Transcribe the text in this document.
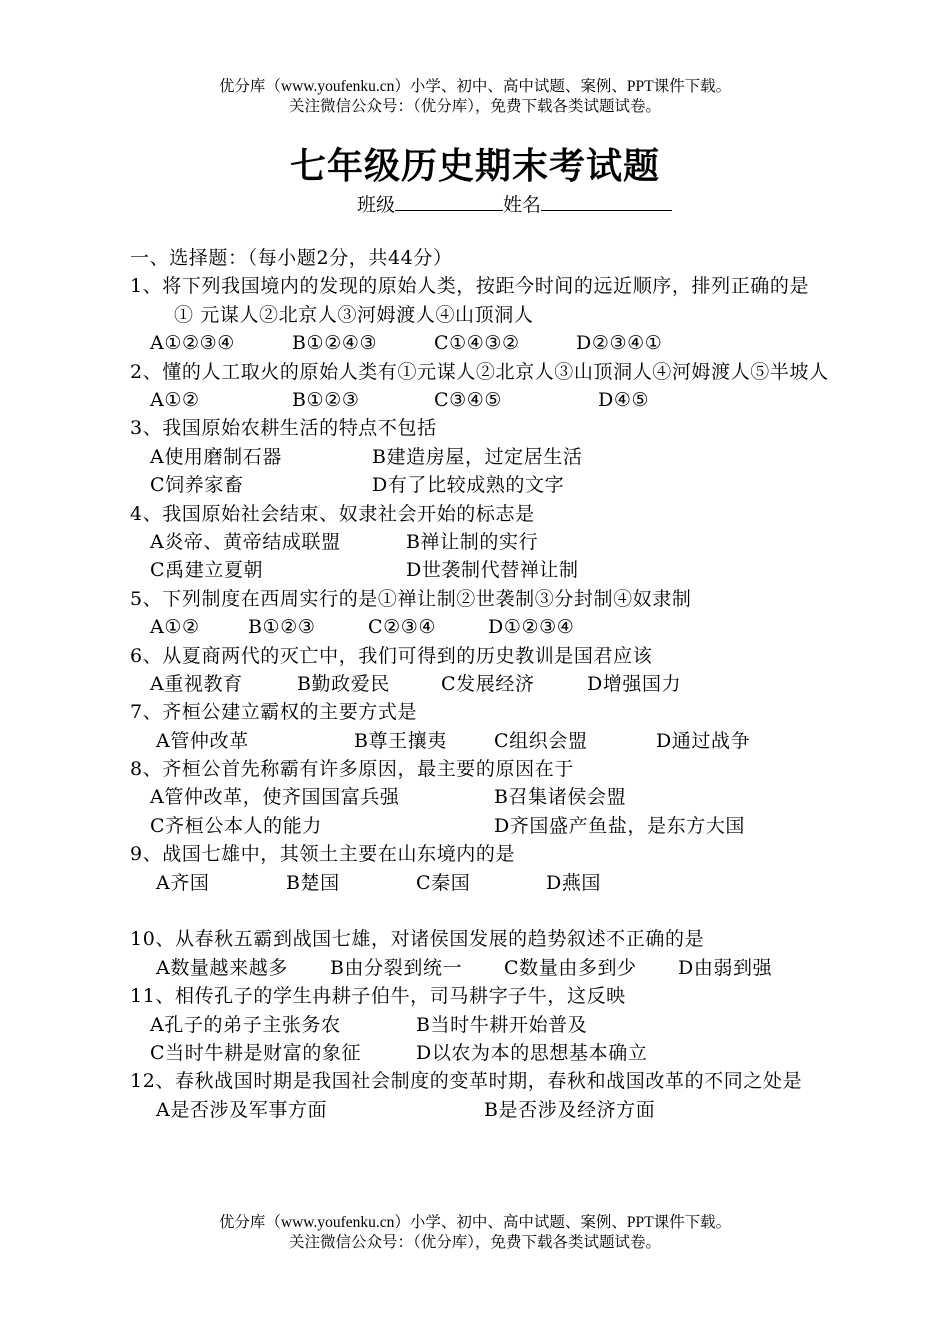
优分库（www.youfenku.cn）小学、初中、高中试题、案例、PPT课件下载。
关注微信公众号：（优分库），免费下载各类试题试卷。
七年级历史期末考试题
班级	姓名
一、选择题：（每小题2分，共44分）
1、将下列我国境内的发现的原始人类，按距今时间的远近顺序，排列正确的是
① 元谋人②北京人③河姆渡人④山顶洞人
A①②③④	B①②④③	C①④③②	D②③④①
2、懂的人工取火的原始人类有①元谋人②北京人③山顶洞人④河姆渡人⑤半坡人
A①②	B①②③	C③④⑤	D④⑤
3、我国原始农耕生活的特点不包括
A使用磨制石器	B建造房屋，过定居生活
C饲养家畜	D有了比较成熟的文字
4、我国原始社会结束、奴隶社会开始的标志是
A炎帝、黄帝结成联盟	B禅让制的实行
C禹建立夏朝	D世袭制代替禅让制
5、下列制度在西周实行的是①禅让制②世袭制③分封制④奴隶制
A①②	B①②③	C②③④	D①②③④
6、从夏商两代的灭亡中，我们可得到的历史教训是国君应该
A重视教育	B勤政爱民	C发展经济	D增强国力
7、齐桓公建立霸权的主要方式是
A管仲改革	B尊王攘夷 C组织会盟	D通过战争
8、齐桓公首先称霸有许多原因，最主要的原因在于
A管仲改革，使齐国国富兵强	B召集诸侯会盟
C齐桓公本人的能力	D齐国盛产鱼盐，是东方大国
9、战国七雄中，其领土主要在山东境内的是
A齐国	B楚国	C秦国	D燕国
10、从春秋五霸到战国七雄，对诸侯国发展的趋势叙述不正确的是
A数量越来越多 B由分裂到统一 C数量由多到少 D由弱到强
11、相传孔子的学生冉耕子伯牛，司马耕字子牛，这反映
A孔子的弟子主张务农	B当时牛耕开始普及
C当时牛耕是财富的象征	D以农为本的思想基本确立
12、春秋战国时期是我国社会制度的变革时期，春秋和战国改革的不同之处是
A是否涉及军事方面	B是否涉及经济方面
优分库（www.youfenku.cn）小学、初中、高中试题、案例、PPT课件下载。
关注微信公众号：（优分库），免费下载各类试题试卷。
